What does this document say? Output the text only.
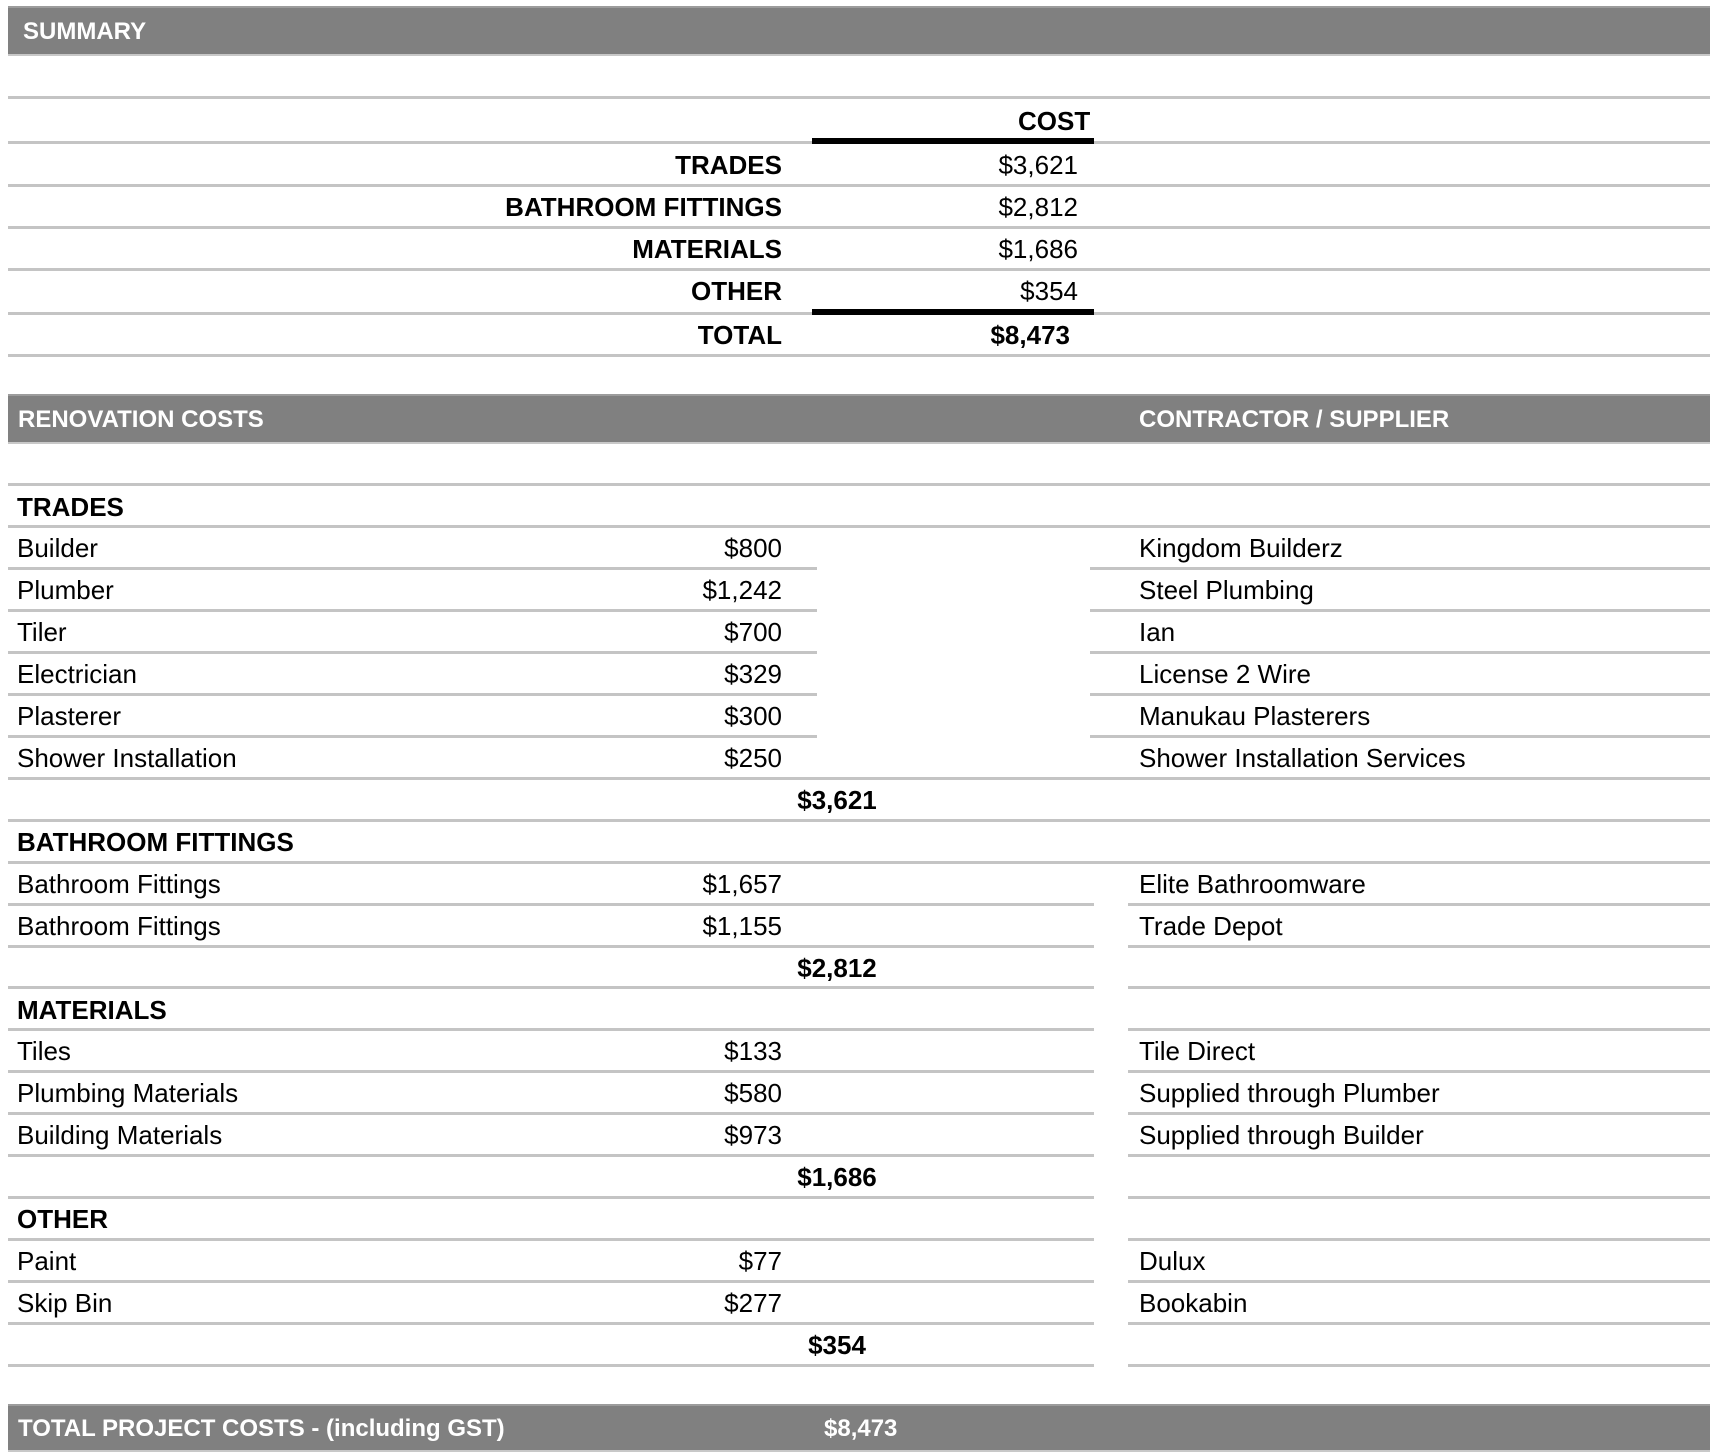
SUMMARY
COST
TRADES	$3,621
BATHROOM FITTINGS	$2,812
MATERIALS	$1,686
OTHER	$354
TOTAL	$8,473
RENOVATION COSTS	CONTRACTOR / SUPPLIER
TRADES
Builder	$800	Kingdom Builderz
Plumber	$1,242	Steel Plumbing
Tiler	$700	Ian
Electrician	$329	License 2 Wire
Plasterer	$300	Manukau Plasterers
Shower Installation	$250	Shower Installation Services
$3,621
BATHROOM FITTINGS
Bathroom Fittings	$1,657	Elite Bathroomware
Bathroom Fittings	$1,155	Trade Depot
$2,812
MATERIALS
Tiles	$133	Tile Direct
Plumbing Materials	$580	Supplied through Plumber
Building Materials	$973	Supplied through Builder
$1,686
OTHER
Paint	$77	Dulux
Skip Bin	$277	Bookabin
$354
TOTAL PROJECT COSTS - (including GST)	$8,473
